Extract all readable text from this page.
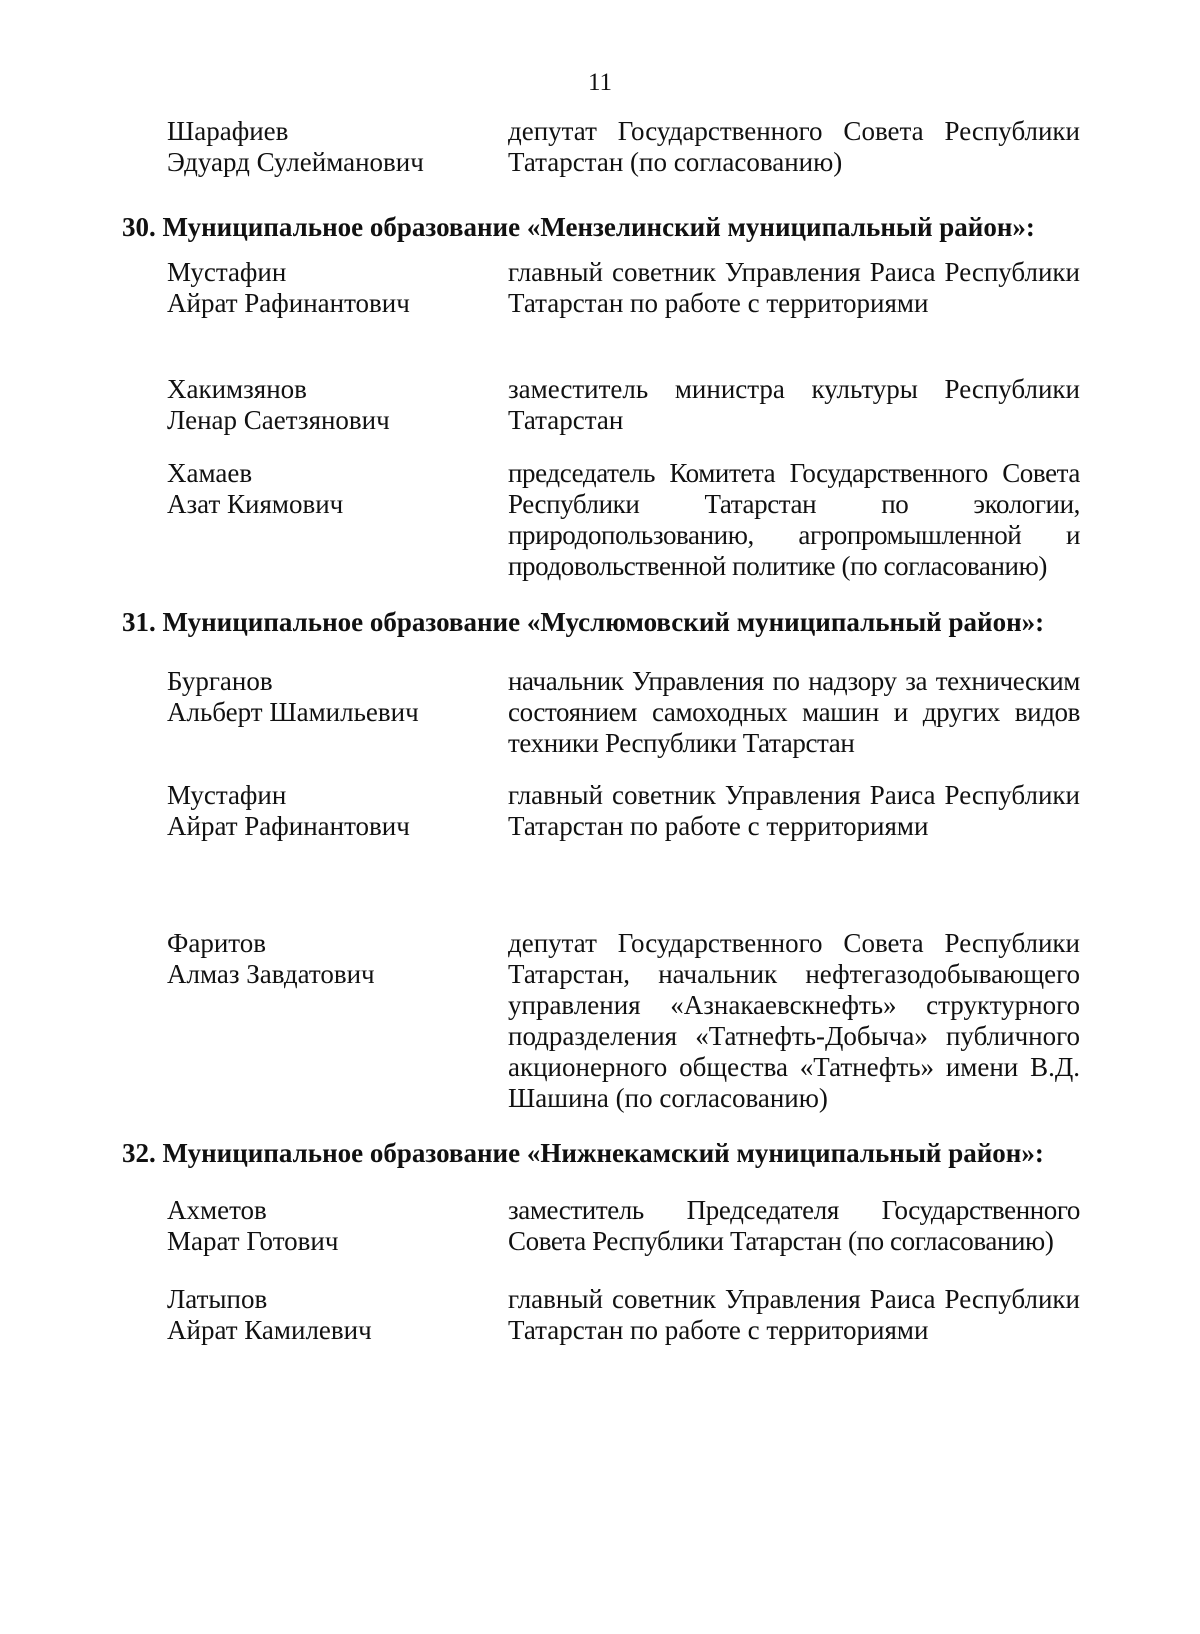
11
Шарафиев
Эдуард Сулейманович
депутат Государственного Совета Республики Татарстан (по согласованию)
30. Муниципальное образование «Мензелинский муниципальный район»:
Мустафин
Айрат Рафинантович
главный советник Управления Раиса Республики Татарстан по работе с территориями
Хакимзянов
Ленар Саетзянович
заместитель министра культуры Республики Татарстан
Хамаев
Азат Киямович
председатель Комитета Государственного Совета Республики Татарстан по экологии, природопользованию, агропромышленной и продовольственной политике (по согласованию)
31. Муниципальное образование «Муслюмовский муниципальный район»:
Бурганов
Альберт Шамильевич
начальник Управления по надзору за техническим состоянием самоходных машин и других видов техники Республики Татарстан
Мустафин
Айрат Рафинантович
главный советник Управления Раиса Республики Татарстан по работе с территориями
Фаритов
Алмаз Завдатович
депутат Государственного Совета Республики Татарстан, начальник нефтегазодобывающего управления «Азнакаевскнефть» структурного подразделения «Татнефть-Добыча» публичного акционерного общества «Татнефть» имени В.Д. Шашина (по согласованию)
32. Муниципальное образование «Нижнекамский муниципальный район»:
Ахметов
Марат Готович
заместитель Председателя Государственного Совета Республики Татарстан (по согласованию)
Латыпов
Айрат Камилевич
главный советник Управления Раиса Республики Татарстан по работе с территориями
